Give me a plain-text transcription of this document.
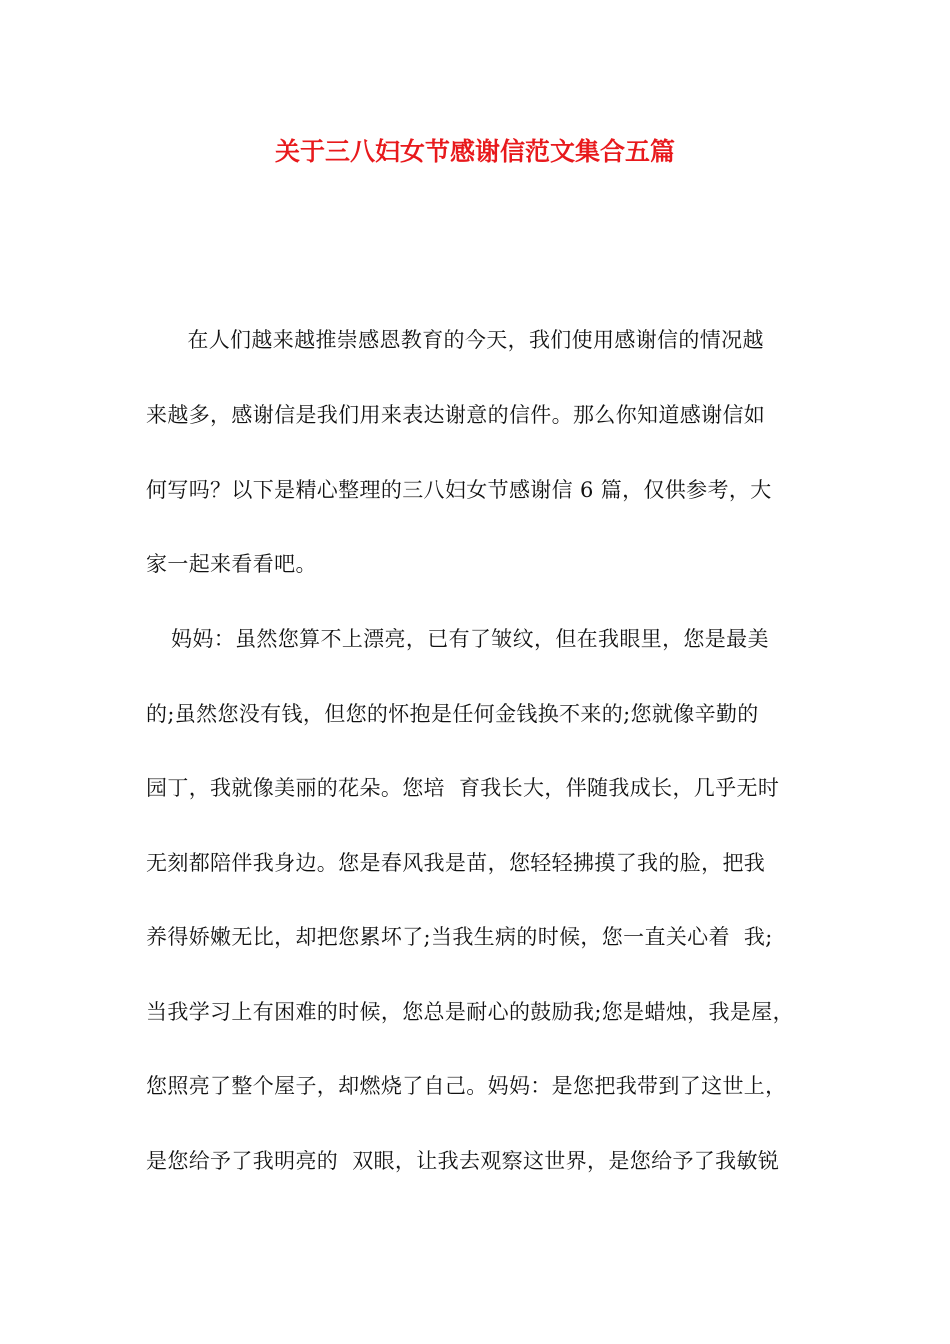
关于三八妇女节感谢信范文集合五篇
　在人们越来越推崇感恩教育的今天，我们使用感谢信的情况越
来越多，感谢信是我们用来表达谢意的信件。那么你知道感谢信如
何写吗？以下是精心整理的三八妇女节感谢信 6 篇，仅供参考，大
家一起来看看吧。
妈妈：虽然您算不上漂亮，已有了皱纹，但在我眼里，您是最美
的;虽然您没有钱，但您的怀抱是任何金钱换不来的;您就像辛勤的
园丁，我就像美丽的花朵。您培  育我长大，伴随我成长，几乎无时
无刻都陪伴我身边。您是春风我是苗，您轻轻拂摸了我的脸，把我
养得娇嫩无比，却把您累坏了;当我生病的时候，您一直关心着  我;
当我学习上有困难的时候，您总是耐心的鼓励我;您是蜡烛，我是屋，
您照亮了整个屋子，却燃烧了自己。妈妈：是您把我带到了这世上，
是您给予了我明亮的  双眼，让我去观察这世界，是您给予了我敏锐
